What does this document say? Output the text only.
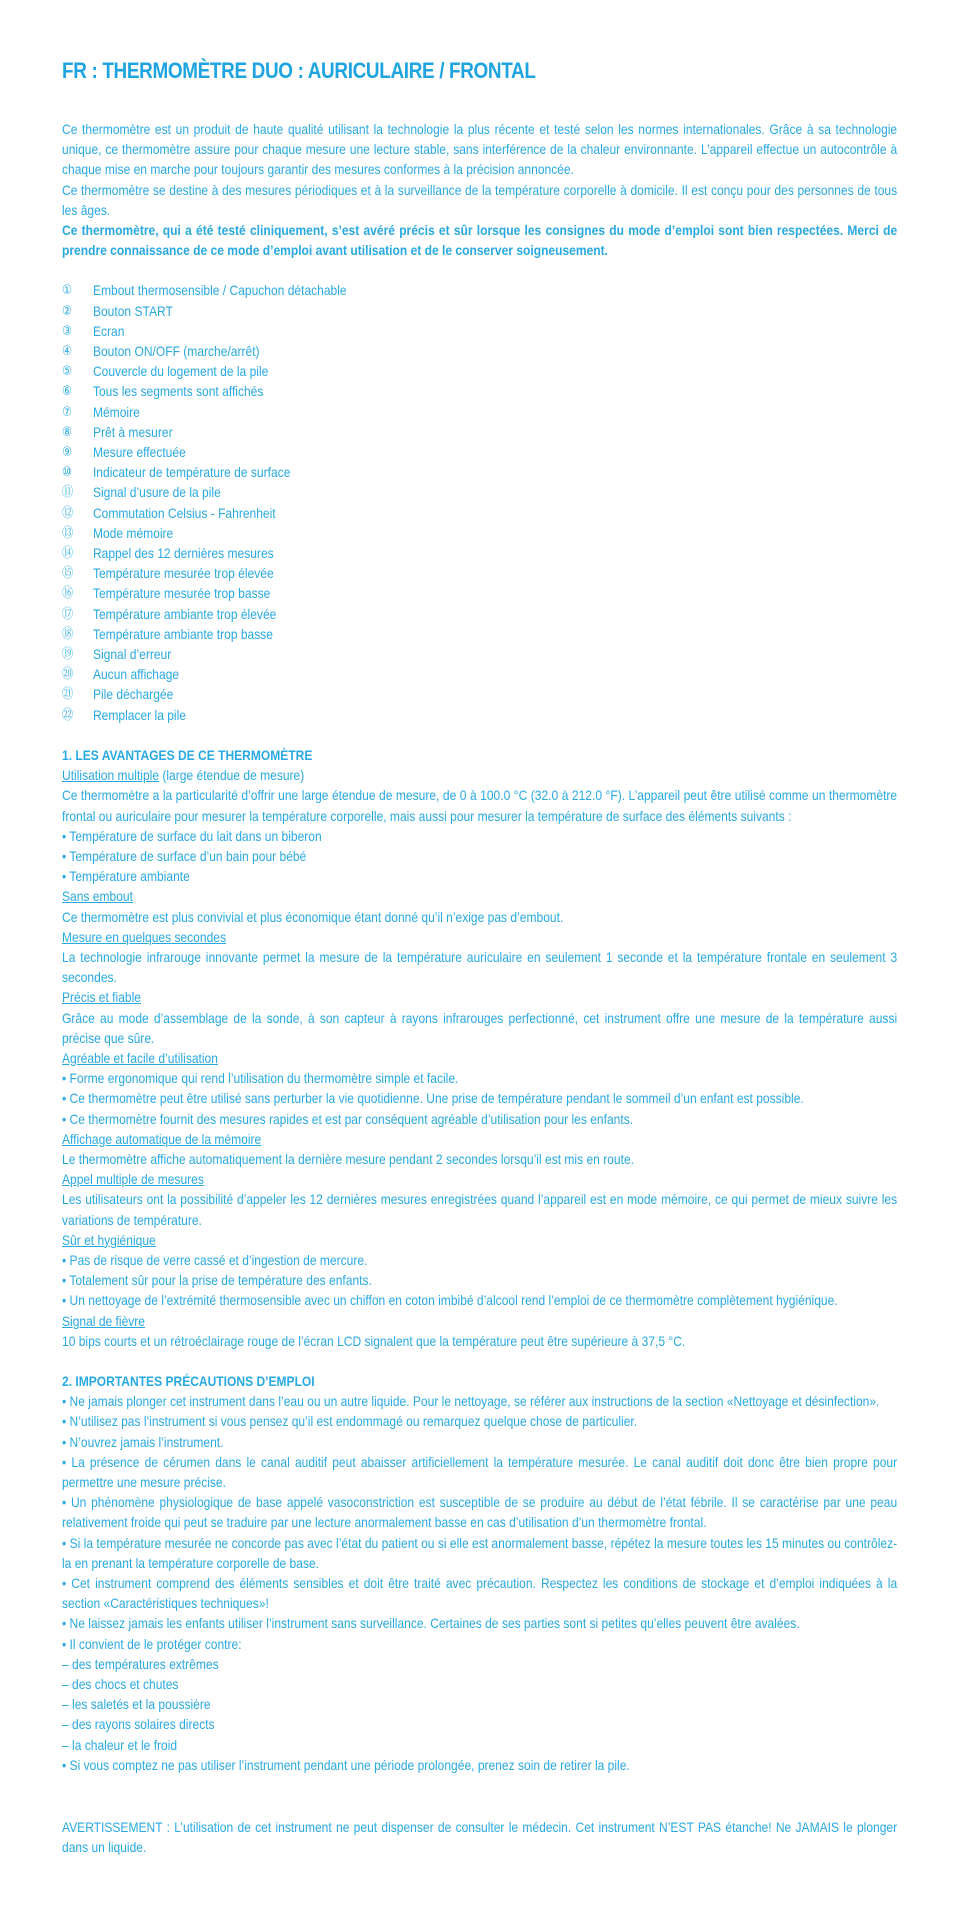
FR : THERMOMÈTRE DUO : AURICULAIRE / FRONTAL

Ce thermomètre est un produit de haute qualité utilisant la technologie la plus récente et testé selon les normes internationales. Grâce à sa technologie unique, ce thermomètre assure pour chaque mesure une lecture stable, sans interférence de la chaleur environnante. L’appareil effectue un autocontrôle à chaque mise en marche pour toujours garantir des mesures conformes à la précision annoncée.

Ce thermomètre se destine à des mesures périodiques et à la surveillance de la température corporelle à domicile. Il est conçu pour des personnes de tous les âges.

Ce thermomètre, qui a été testé cliniquement, s’est avéré précis et sûr lorsque les consignes du mode d’emploi sont bien respectées. Merci de prendre connaissance de ce mode d’emploi avant utilisation et de le conserver soigneusement.

①	Embout thermosensible / Capuchon détachable
②	Bouton START
③	Ecran
④	Bouton ON/OFF (marche/arrêt)
⑤	Couvercle du logement de la pile
⑥	Tous les segments sont affichés
⑦	Mémoire
⑧	Prêt à mesurer
⑨	Mesure effectuée
⑩	Indicateur de température de surface
⑪	Signal d’usure de la pile
⑫	Commutation Celsius - Fahrenheit
⑬	Mode mémoire
⑭	Rappel des 12 dernières mesures
⑮	Température mesurée trop élevée
⑯	Température mesurée trop basse
⑰	Température ambiante trop élevée
⑱	Température ambiante trop basse
⑲	Signal d’erreur
⑳	Aucun affichage
㉑	Pile déchargée
㉒	Remplacer la pile
1. LES AVANTAGES DE CE THERMOMÈTRE

Utilisation multiple (large étendue de mesure)

Ce thermomètre a la particularité d’offrir une large étendue de mesure, de 0 à 100.0 °C (32.0 à 212.0 °F). L’appareil peut être utilisé comme un thermomètre frontal ou auriculaire pour mesurer la température corporelle, mais aussi pour mesurer la température de surface des éléments suivants :

• Température de surface du lait dans un biberon

• Température de surface d’un bain pour bébé

• Température ambiante

Sans embout

Ce thermomètre est plus convivial et plus économique étant donné qu’il n’exige pas d’embout.

Mesure en quelques secondes

La technologie infrarouge innovante permet la mesure de la température auriculaire en seulement 1 seconde et la température frontale en seulement 3 secondes.

Précis et fiable

Grâce au mode d’assemblage de la sonde, à son capteur à rayons infrarouges perfectionné, cet instrument offre une mesure de la température aussi précise que sûre.

Agréable et facile d’utilisation

• Forme ergonomique qui rend l’utilisation du thermomètre simple et facile.

• Ce thermomètre peut être utilisé sans perturber la vie quotidienne. Une prise de température pendant le sommeil d’un enfant est possible.

• Ce thermomètre fournit des mesures rapides et est par conséquent agréable d’utilisation pour les enfants.

Affichage automatique de la mémoire

Le thermomètre affiche automatiquement la dernière mesure pendant 2 secondes lorsqu’il est mis en route.

Appel multiple de mesures

Les utilisateurs ont la possibilité d’appeler les 12 dernières mesures enregistrées quand l’appareil est en mode mémoire, ce qui permet de mieux suivre les variations de température.

Sûr et hygiénique

• Pas de risque de verre cassé et d’ingestion de mercure.

• Totalement sûr pour la prise de température des enfants.

• Un nettoyage de l’extrémité thermosensible avec un chiffon en coton imbibé d’alcool rend l’emploi de ce thermomètre complètement hygiénique.

Signal de fièvre

10 bips courts et un rétroéclairage rouge de l’écran LCD signalent que la température peut être supérieure à 37,5 °C.

2. IMPORTANTES PRÉCAUTIONS D’EMPLOI

• Ne jamais plonger cet instrument dans l’eau ou un autre liquide. Pour le nettoyage, se référer aux instructions de la section «Nettoyage et désinfection».

• N’utilisez pas l’instrument si vous pensez qu’il est endommagé ou remarquez quelque chose de particulier.

• N’ouvrez jamais l’instrument.

• La présence de cérumen dans le canal auditif peut abaisser artificiellement la température mesurée. Le canal auditif doit donc être bien propre pour permettre une mesure précise.

• Un phénomène physiologique de base appelé vasoconstriction est susceptible de se produire au début de l’état fébrile. Il se caractérise par une peau relativement froide qui peut se traduire par une lecture anormalement basse en cas d’utilisation d’un thermomètre frontal.

• Si la température mesurée ne concorde pas avec l’état du patient ou si elle est anormalement basse, répétez la mesure toutes les 15 minutes ou contrôlez-la en prenant la température corporelle de base.

• Cet instrument comprend des éléments sensibles et doit être traité avec précaution. Respectez les conditions de stockage et d’emploi indiquées à la section «Caractéristiques techniques»!

• Ne laissez jamais les enfants utiliser l’instrument sans surveillance. Certaines de ses parties sont si petites qu’elles peuvent être avalées.

• Il convient de le protéger contre:

– des températures extrêmes

– des chocs et chutes

– les saletés et la poussière

– des rayons solaires directs

– la chaleur et le froid

• Si vous comptez ne pas utiliser l’instrument pendant une période prolongée, prenez soin de retirer la pile.

AVERTISSEMENT : L’utilisation de cet instrument ne peut dispenser de consulter le médecin. Cet instrument N’EST PAS étanche! Ne JAMAIS le plonger dans un liquide.
